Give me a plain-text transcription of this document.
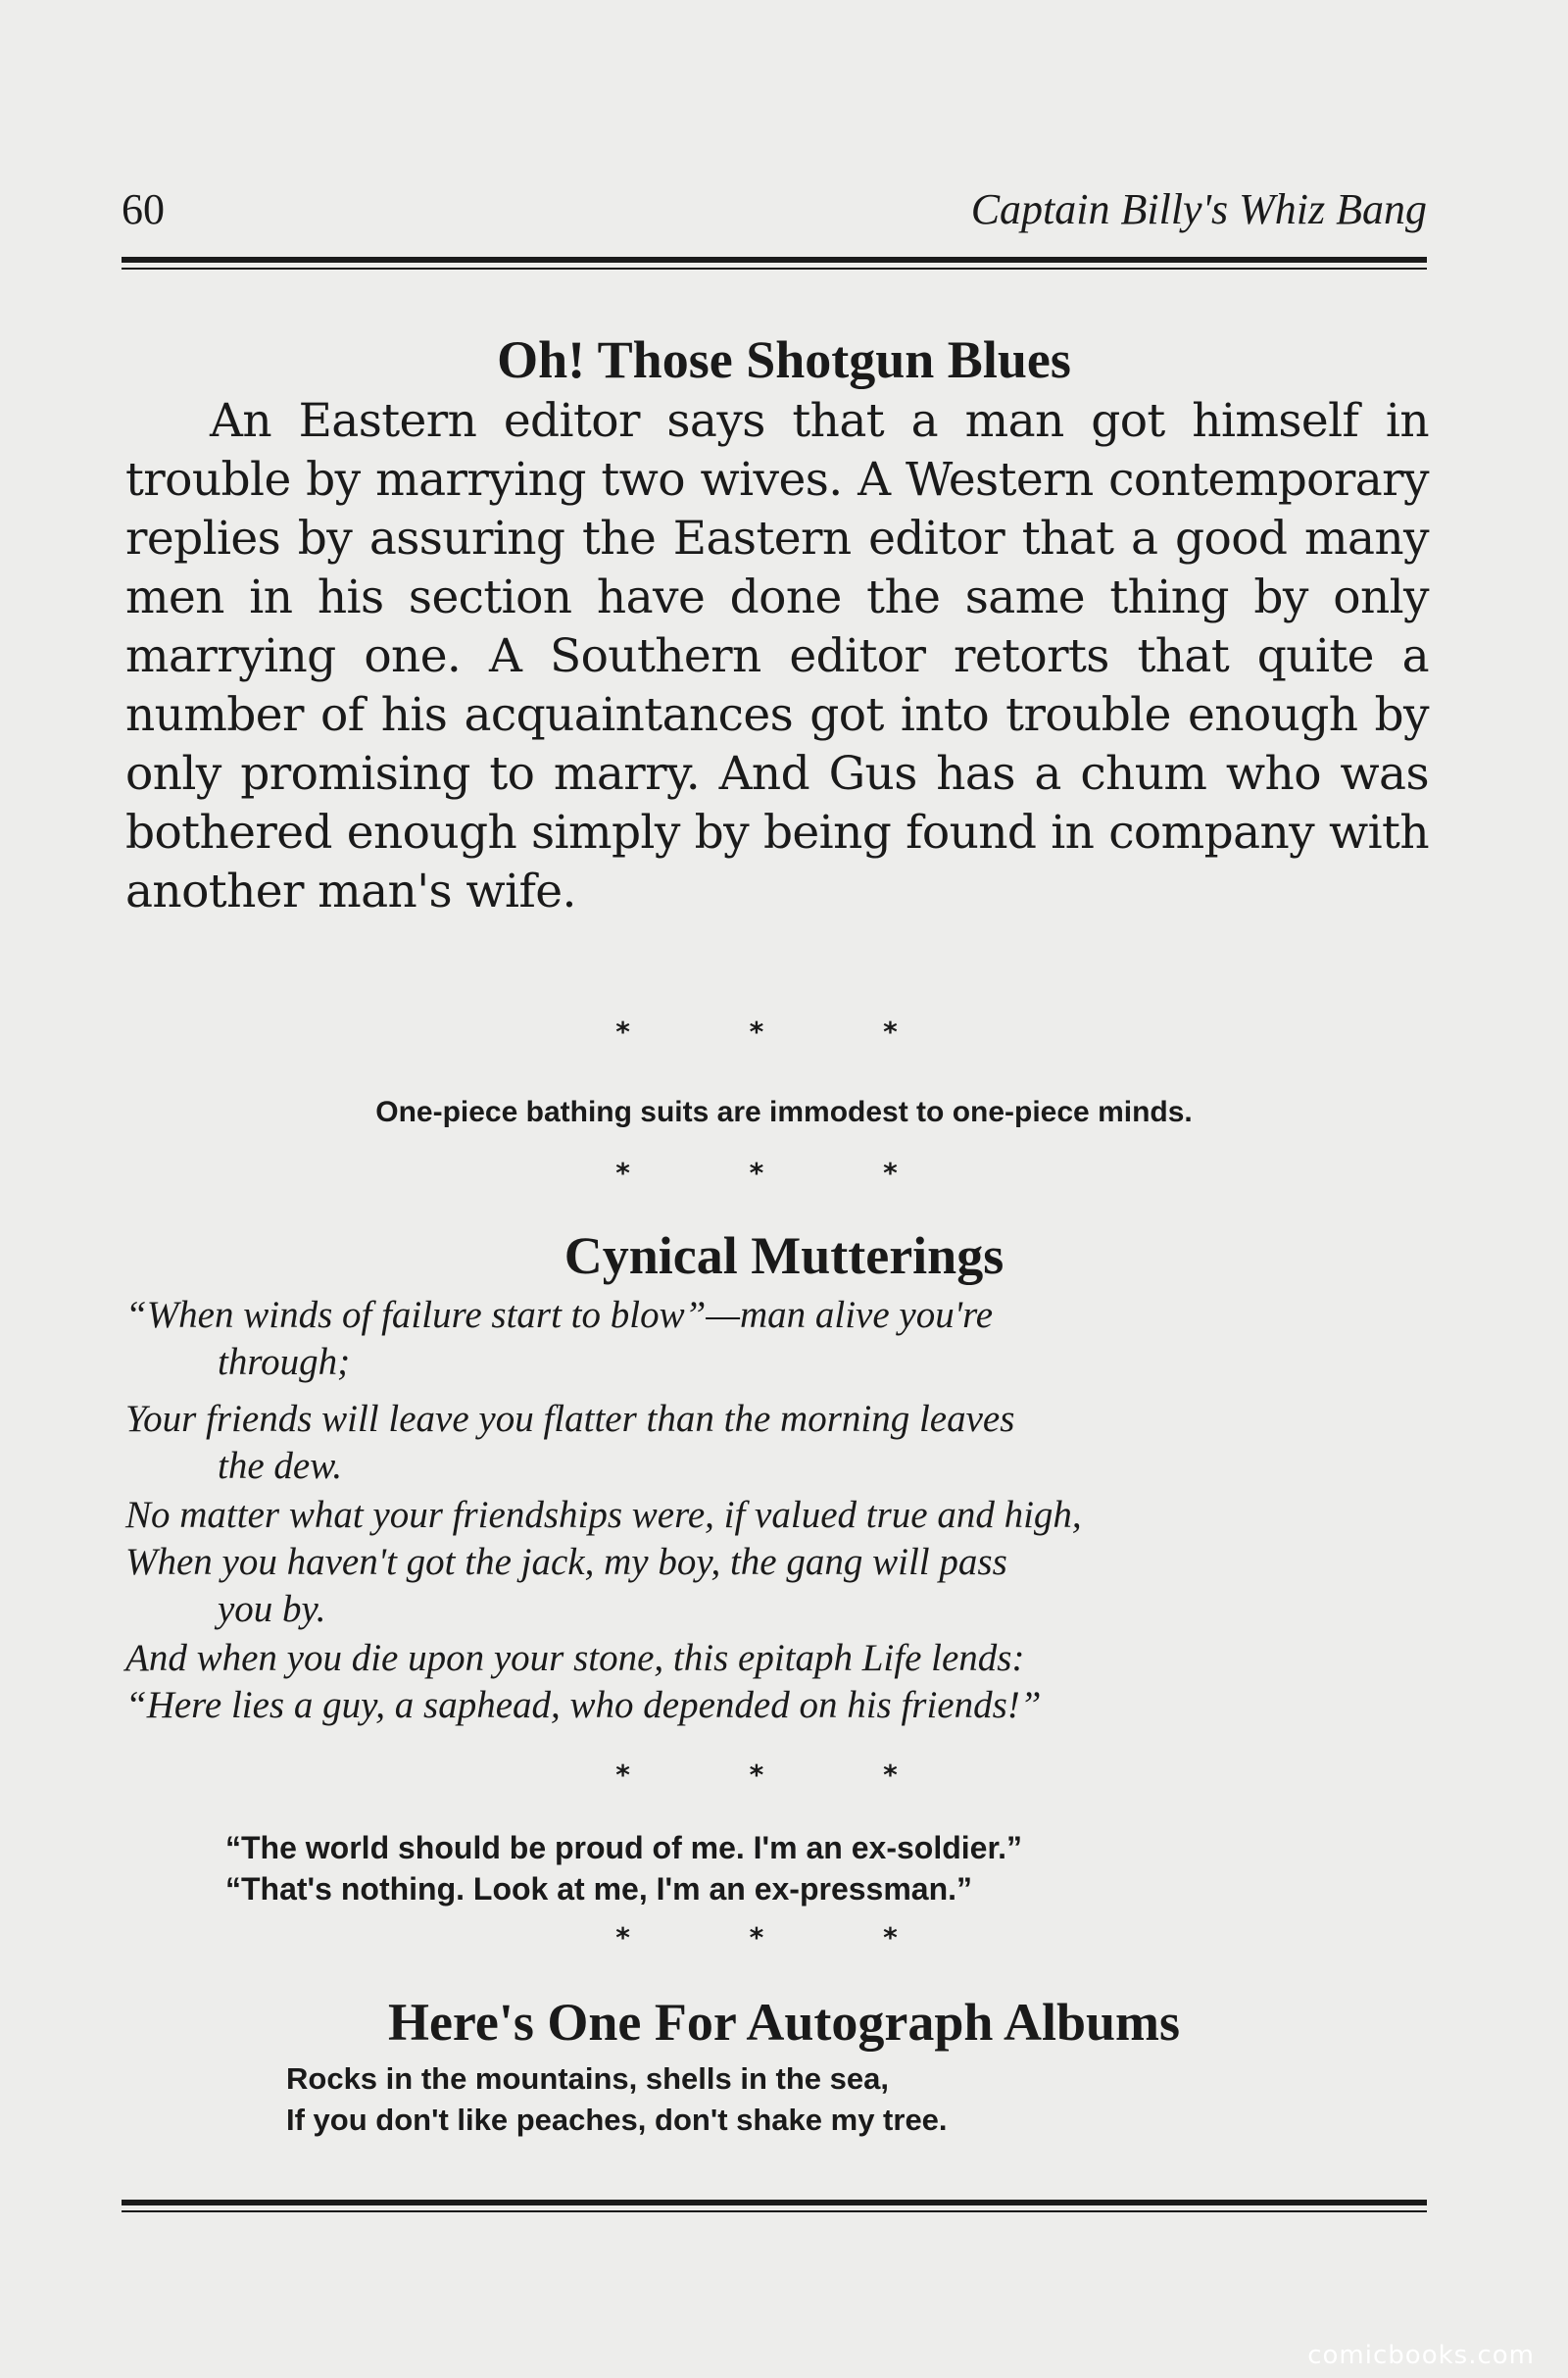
60	Captain Billy's Whiz Bang
Oh! Those Shotgun Blues
An Eastern editor says that a man got himself in trouble by marrying two wives. A Western contemporary replies by assuring the Eastern editor that a good many men in his section have done the same thing by only marrying one. A Southern editor retorts that quite a number of his acquaintances got into trouble enough by only promising to marry. And Gus has a chum who was bothered enough simply by being found in company with another man's wife.
* * *
One-piece bathing suits are immodest to one-piece minds.
* * *
Cynical Mutterings
“When winds of failure start to blow”—man alive you're
through;
Your friends will leave you flatter than the morning leaves
the dew.
No matter what your friendships were, if valued true and high,
When you haven't got the jack, my boy, the gang will pass
you by.
And when you die upon your stone, this epitaph Life lends:
“Here lies a guy, a saphead, who depended on his friends!”
* * *
“The world should be proud of me. I'm an ex-soldier.”
“That's nothing. Look at me, I'm an ex-pressman.”
* * *
Here's One For Autograph Albums
Rocks in the mountains, shells in the sea,
If you don't like peaches, don't shake my tree.
comicbooks.com
